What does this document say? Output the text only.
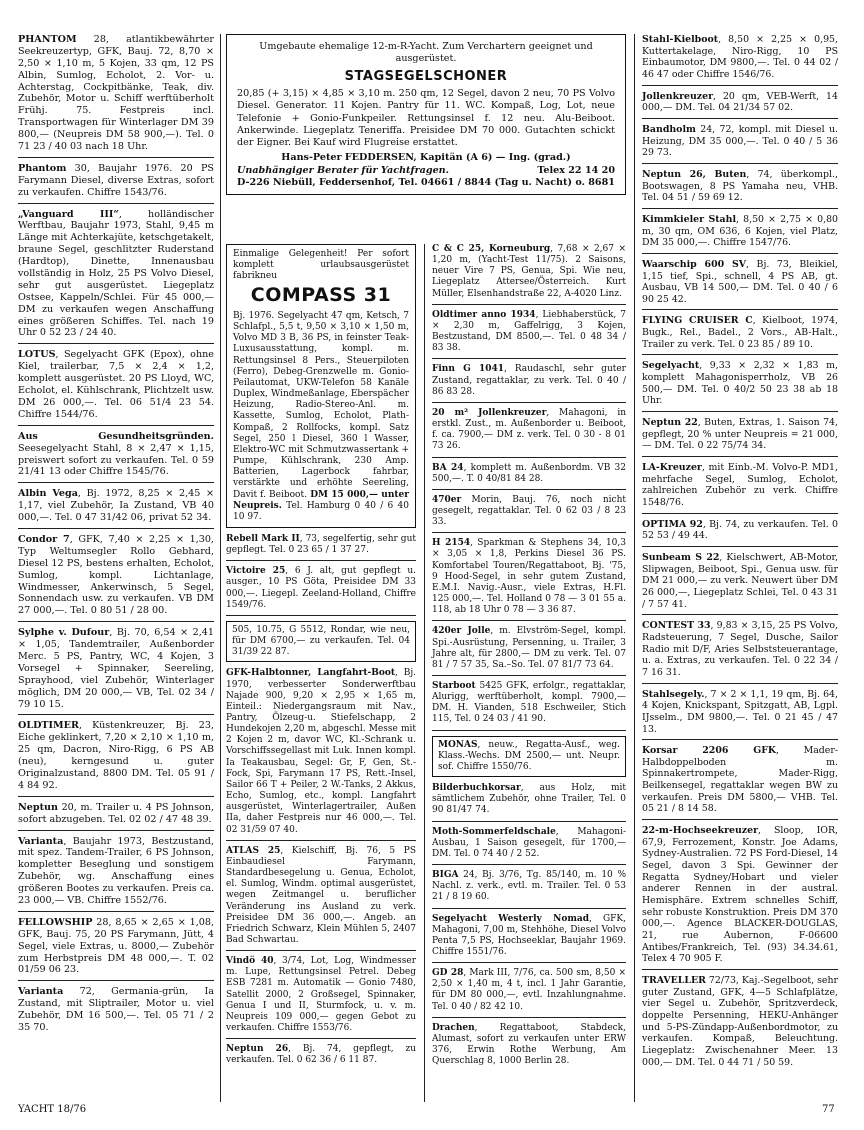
PHANTOM 28, atlantikbewährter Seekreuzertyp, GFK, Bauj. 72, 8,70 × 2,50 × 1,10 m, 5 Kojen, 33 qm, 12 PS Albin, Sumlog, Echolot, 2. Vor- u. Achterstag, Cockpitbänke, Teak, div. Zubehör, Motor u. Schiff werftüberholt Frühj. 75. Festpreis incl. Transportwagen für Winterlager DM 39 800,— (Neupreis DM 58 900,—). Tel. 0 71 23 / 40 03 nach 18 Uhr.
Phantom 30, Baujahr 1976. 20 PS Farymann Diesel, diverse Extras, sofort zu verkaufen. Chiffre 1543/76.
„Vanguard III“, holländischer Werftbau, Baujahr 1973, Stahl, 9,45 m Länge mit Achterkajüte, ketschgetakelt, braune Segel, geschlitzter Ruderstand (Hardtop), Dinette, Innenausbau vollständig in Holz, 25 PS Volvo Diesel, sehr gut ausgerüstet. Liegeplatz Ostsee, Kappeln/Schlei. Für 45 000,— DM zu verkaufen wegen Anschaffung eines größeren Schiffes. Tel. nach 19 Uhr 0 52 23 / 24 40.
LOTUS, Segelyacht GFK (Epox), ohne Kiel, trailerbar, 7,5 × 2,4 × 1,2, komplett ausgerüstet. 20 PS Lloyd, WC, Echolot, el. Kühlschrank, Plichtzelt usw. DM 26 000,—. Tel. 06 51/4 23 54. Chiffre 1544/76.
Aus Gesundheitsgründen. Seesegelyacht Stahl, 8 × 2,47 × 1,15, preiswert sofort zu verkaufen. Tel. 0 59 21/41 13 oder Chiffre 1545/76.
Albin Vega, Bj. 1972, 8,25 × 2,45 × 1,17, viel Zubehör, Ia Zustand, VB 40 000,—. Tel. 0 47 31/42 06, privat 52 34.
Condor 7, GFK, 7,40 × 2,25 × 1,30, Typ Weltumsegler Rollo Gebhard, Diesel 12 PS, bestens erhalten, Echolot, Sumlog, kompl. Lichtanlage, Windmesser, Ankerwinsch, 5 Segel, Sonnendach usw. zu verkaufen. VB DM 27 000,—. Tel. 0 80 51 / 28 00.
Sylphe v. Dufour, Bj. 70, 6,54 × 2,41 × 1,05, Tandemtrailer, Außenborder Merc. 5 PS, Pantry, WC, 4 Kojen, 3 Vorsegel + Spinnaker, Seereling, Sprayhood, viel Zubehör, Winterlager möglich, DM 20 000,— VB, Tel. 02 34 / 79 10 15.
OLDTIMER, Küstenkreuzer, Bj. 23, Eiche geklinkert, 7,20 × 2,10 × 1,10 m, 25 qm, Dacron, Niro-Rigg, 6 PS AB (neu), kerngesund u. guter Originalzustand, 8800 DM. Tel. 05 91 / 4 84 92.
Neptun 20, m. Trailer u. 4 PS Johnson, sofort abzugeben. Tel. 02 02 / 47 48 39.
Varianta, Baujahr 1973, Bestzustand, mit spez. Tandem-Trailer, 6 PS Johnson, kompletter Beseglung und sonstigem Zubehör, wg. Anschaffung eines größeren Bootes zu verkaufen. Preis ca. 23 000,— VB. Chiffre 1552/76.
FELLOWSHIP 28, 8,65 × 2,65 × 1,08, GFK, Bauj. 75, 20 PS Farymann, Jütt, 4 Segel, viele Extras, u. 8000,— Zubehör zum Herbstpreis DM 48 000,—. T. 02 01/59 06 23.
Varianta 72, Germania-grün, Ia Zustand, mit Sliptrailer, Motor u. viel Zubehör, DM 16 500,—. Tel. 05 71 / 2 35 70.
Umgebaute ehemalige 12-m-R-Yacht. Zum Verchartern geeignet und ausgerüstet.
STAGSEGELSCHONER
20,85 (+ 3,15) × 4,85 × 3,10 m. 250 qm, 12 Segel, davon 2 neu, 70 PS Volvo Diesel. Generator. 11 Kojen. Pantry für 11. WC. Kompaß, Log, Lot, neue Telefonie + Gonio-Funkpeiler. Rettungsinsel f. 12 neu. Alu-Beiboot. Ankerwinde. Liegeplatz Teneriffa. Preisidee DM 70 000. Gutachten schickt der Eigner. Bei Kauf wird Flugreise erstattet.
Hans-Peter FEDDERSEN, Kapitän (A 6) — Ing. (grad.)
Unabhängiger Berater für Yachtfragen.	Telex 22 14 20
D-226 Niebüll, Feddersenhof, Tel. 04661 / 8844 (Tag u. Nacht) o. 8681
Einmalige Gelegenheit! Per sofort komplett urlaubsausgerüstet fabrikneu
COMPASS 31
Bj. 1976. Segelyacht 47 qm, Ketsch, 7 Schlafpl., 5,5 t, 9,50 × 3,10 × 1,50 m, Volvo MD 3 B, 36 PS, in feinster Teak-Luxusausstattung, kompl. m. Rettungsinsel 8 Pers., Steuerpiloten (Ferro), Debeg-Grenzwelle m. Gonio-Peilautomat, UKW-Telefon 58 Kanäle Duplex, Windmeßanlage, Eberspächer Heizung, Radio-Stereo-Anl. m. Kassette, Sumlog, Echolot, Plath-Kompaß, 2 Rollfocks, kompl. Satz Segel, 250 l Diesel, 360 l Wasser, Elektro-WC mit Schmutzwassertank + Pumpe, Kühlschrank, 230 Amp. Batterien, Lagerbock fahrbar, verstärkte und erhöhte Seereling, Davit f. Beiboot. DM 15 000,— unter Neupreis. Tel. Hamburg 0 40 / 6 40 10 97.
Rebell Mark II, 73, segelfertig, sehr gut gepflegt. Tel. 0 23 65 / 1 37 27.
Victoire 25, 6 J. alt, gut gepflegt u. ausger., 10 PS Göta, Preisidee DM 33 000,—. Liegepl. Zeeland-Holland, Chiffre 1549/76.
505, 10.75, G 5512, Rondar, wie neu, für DM 6700,— zu verkaufen. Tel. 04 31/39 22 87.
GFK-Halbtonner, Langfahrt-Boot, Bj. 1970, verbesserter Sonderwerftbau Najade 900, 9,20 × 2,95 × 1,65 m, Einteil.: Niedergangsraum mit Nav., Pantry, Ölzeug-u. Stiefelschapp, 2 Hundekojen 2,20 m, abgeschl. Messe mit 2 Kojen 2 m, davor WC, Kl.-Schrank u. Vorschiffssegellast mit Luk. Innen kompl. Ia Teakausbau, Segel: Gr, F, Gen, St.-Fock, Spi, Farymann 17 PS, Rett.-Insel, Sailor 66 T + Peiler, 2 W.-Tanks, 2 Akkus, Echo, Sumlog, etc., kompl. Langfahrt ausgerüstet, Winterlagertrailer, Außen IIa, daher Festpreis nur 46 000,—. Tel. 02 31/59 07 40.
ATLAS 25, Kielschiff, Bj. 76, 5 PS Einbaudiesel Farymann, Standardbesegelung u. Genua, Echolot, el. Sumlog, Windm. optimal ausgerüstet, wegen Zeitmangel u. beruflicher Veränderung ins Ausland zu verk. Preisidee DM 36 000,—. Angeb. an Friedrich Schwarz, Klein Mühlen 5, 2407 Bad Schwartau.
Vindö 40, 3/74, Lot, Log, Windmesser m. Lupe, Rettungsinsel Petrel. Debeg ESB 7281 m. Automatik — Gonio 7480, Satellit 2000, 2 Großsegel, Spinnaker, Genua I und II, Sturmfock, u. v. m. Neupreis 109 000,— gegen Gebot zu verkaufen. Chiffre 1553/76.
Neptun 26, Bj. 74, gepflegt, zu verkaufen. Tel. 0 62 36 / 6 11 87.
C & C 25, Korneuburg, 7,68 × 2,67 × 1,20 m, (Yacht-Test 11/75). 2 Saisons, neuer Vire 7 PS, Genua, Spi. Wie neu, Liegeplatz Attersee/Österreich. Kurt Müller, Elsenhandstraße 22, A-4020 Linz.
Oldtimer anno 1934, Liebhaberstück, 7 × 2,30 m, Gaffelrigg, 3 Kojen, Bestzustand, DM 8500,—. Tel. 0 48 34 / 83 38.
Finn G 1041, Raudaschl, sehr guter Zustand, regattaklar, zu verk. Tel. 0 40 / 86 83 28.
20 m² Jollenkreuzer, Mahagoni, in erstkl. Zust., m. Außenborder u. Beiboot, f. ca. 7900,— DM z. verk. Tel. 0 30 - 8 01 73 26.
BA 24, komplett m. Außenbordm. VB 32 500,—. T. 0 40/81 84 28.
470er Morin, Bauj. 76, noch nicht gesegelt, regattaklar. Tel. 0 62 03 / 8 23 33.
H 2154, Sparkman & Stephens 34, 10,3 × 3,05 × 1,8, Perkins Diesel 36 PS. Komfortabel Touren/Regattaboot, Bj. '75, 9 Hood-Segel, in sehr gutem Zustand, E.M.I. Navig.-Ausr., viele Extras, H.Fl. 125 000,—. Tel. Holland 0 78 — 3 01 55 a. 118, ab 18 Uhr 0 78 — 3 36 87.
420er Jolle, m. Elvström-Segel, kompl. Spi.-Ausrüstung, Persenning, u. Trailer, 3 Jahre alt, für 2800,— DM zu verk. Tel. 07 81 / 7 57 35, Sa.–So. Tel. 07 81/7 73 64.
Starboot 5425 GFK, erfolgr., regattaklar, Alurigg, werftüberholt, kompl. 7900,— DM. H. Vianden, 518 Eschweiler, Stich 115, Tel. 0 24 03 / 41 90.
MONAS, neuw., Regatta-Ausf., weg. Klass.-Wechs. DM 2500,— unt. Neupr. sof. Chiffre 1550/76.
Bilderbuchkorsar, aus Holz, mit sämtlichem Zubehör, ohne Trailer, Tel. 0 90 81/47 74.
Moth-Sommerfeldschale, Mahagoni-Ausbau, 1 Saison gesegelt, für 1700,— DM. Tel. 0 74 40 / 2 52.
BIGA 24, Bj. 3/76, Tg. 85/140, m. 10 % Nachl. z. verk., evtl. m. Trailer. Tel. 0 53 21 / 8 19 60.
Segelyacht Westerly Nomad, GFK, Mahagoni, 7,00 m, Stehhöhe, Diesel Volvo Penta 7,5 PS, Hochseeklar, Baujahr 1969. Chiffre 1551/76.
GD 28, Mark III, 7/76, ca. 500 sm, 8,50 × 2,50 × 1,40 m, 4 t, incl. 1 Jahr Garantie, für DM 80 000,—, evtl. Inzahlungnahme. Tel. 0 40 / 82 42 10.
Drachen, Regattaboot, Stabdeck, Alumast, sofort zu verkaufen unter ERW 376, Erwin Rothe Werbung, Am Querschlag 8, 1000 Berlin 28.
Stahl-Kielboot, 8,50 × 2,25 × 0,95, Kuttertakelage, Niro-Rigg, 10 PS Einbaumotor, DM 9800,—. Tel. 0 44 02 / 46 47 oder Chiffre 1546/76.
Jollenkreuzer, 20 qm, VEB-Werft, 14 000,— DM. Tel. 04 21/34 57 02.
Bandholm 24, 72, kompl. mit Diesel u. Heizung, DM 35 000,—. Tel. 0 40 / 5 36 29 73.
Neptun 26, Buten, 74, überkompl., Bootswagen, 8 PS Yamaha neu, VHB. Tel. 04 51 / 59 69 12.
Kimmkieler Stahl, 8,50 × 2,75 × 0,80 m, 30 qm, OM 636, 6 Kojen, viel Platz, DM 35 000,—. Chiffre 1547/76.
Waarschip 600 SV, Bj. 73, Bleikiel, 1,15 tief, Spi., schnell, 4 PS AB, gt. Ausbau, VB 14 500,— DM. Tel. 0 40 / 6 90 25 42.
FLYING CRUISER C, Kielboot, 1974, Bugk., Rel., Badel., 2 Vors., AB-Halt., Trailer zu verk. Tel. 0 23 85 / 89 10.
Segelyacht, 9,33 × 2,32 × 1,83 m, komplett Mahagonisperrholz, VB 26 500,— DM. Tel. 0 40/2 50 23 38 ab 18 Uhr.
Neptun 22, Buten, Extras, 1. Saison 74, gepflegt, 20 % unter Neupreis = 21 000,— DM. Tel. 0 22 75/74 34.
LA-Kreuzer, mit Einb.-M. Volvo-P. MD1, mehrfache Segel, Sumlog, Echolot, zahlreichen Zubehör zu verk. Chiffre 1548/76.
OPTIMA 92, Bj. 74, zu verkaufen. Tel. 0 52 53 / 49 44.
Sunbeam S 22, Kielschwert, AB-Motor, Slipwagen, Beiboot, Spi., Genua usw. für DM 21 000,— zu verk. Neuwert über DM 26 000,—, Liegeplatz Schlei, Tel. 0 43 31 / 7 57 41.
CONTEST 33, 9,83 × 3,15, 25 PS Volvo, Radsteuerung, 7 Segel, Dusche, Sailor Radio mit D/F, Aries Selbststeuerantage, u. a. Extras, zu verkaufen. Tel. 0 22 34 / 7 16 31.
Stahlsegely., 7 × 2 × 1,1, 19 qm, Bj. 64, 4 Kojen, Knickspant, Spitzgatt, AB, Lgpl. IJsselm., DM 9800,—. Tel. 0 21 45 / 47 13.
Korsar 2206 GFK, Mader-Halbdoppelboden m. Spinnakertrompete, Mader-Rigg, Beilkensegel, regattaklar wegen BW zu verkaufen. Preis DM 5800,— VHB. Tel. 05 21 / 8 14 58.
22-m-Hochseekreuzer, Sloop, IOR, 67,9, Ferrozement, Konstr. Joe Adams, Sydney-Australien. 72 PS Ford-Diesel, 14 Segel, davon 3 Spi. Gewinner der Regatta Sydney/Hobart und vieler anderer Rennen in der austral. Hemisphäre. Extrem schnelles Schiff, sehr robuste Konstruktion. Preis DM 370 000,—. Agence BLACKER-DOUGLAS, 21, rue Aubernon, F-06600 Antibes/Frankreich, Tel. (93) 34.34.61, Telex 4 70 905 F.
TRAVELLER 72/73, Kaj.-Segelboot, sehr guter Zustand, GFK, 4—5 Schlafplätze, vier Segel u. Zubehör, Spritzverdeck, doppelte Persenning, HEKU-Anhänger und 5-PS-Zündapp-Außenbordmotor, zu verkaufen. Kompaß, Beleuchtung. Liegeplatz: Zwischenahner Meer. 13 000,— DM. Tel. 0 44 71 / 50 59.
YACHT 18/76	77
